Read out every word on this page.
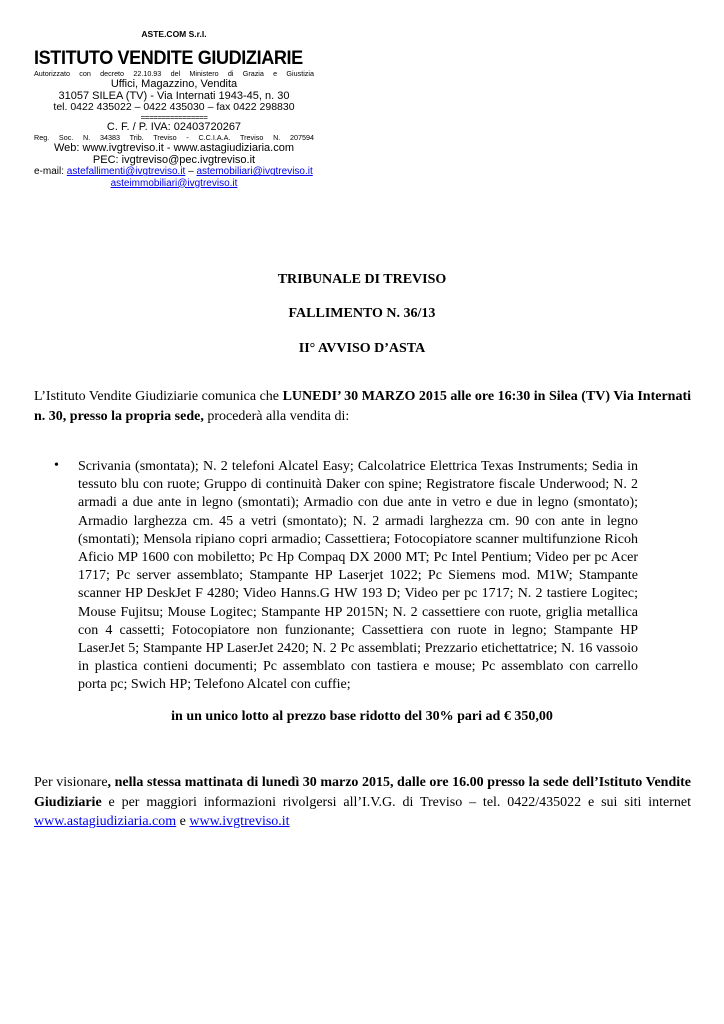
ASTE.COM S.r.l.
ISTITUTO VENDITE GIUDIZIARIE
Autorizzato con decreto 22.10.93 del Ministero di Grazia e Giustizia
Uffici, Magazzino, Vendita
31057 SILEA (TV) - Via Internati 1943-45, n. 30
tel. 0422 435022 – 0422 435030 – fax 0422 298830
================
C. F. / P. IVA: 02403720267
Reg. Soc. N. 34383 Trib. Treviso - C.C.I.A.A. Treviso N. 207594
Web: www.ivgtreviso.it - www.astagiudiziaria.com
PEC: ivgtreviso@pec.ivgtreviso.it
e-mail: astefallimenti@ivgtreviso.it – astemobiliari@ivgtreviso.it
asteimmobiliari@ivgtreviso.it
TRIBUNALE DI TREVISO
FALLIMENTO N. 36/13
II° AVVISO D’ASTA
L’Istituto Vendite Giudiziarie comunica che LUNEDI’ 30 MARZO 2015 alle ore 16:30 in Silea (TV) Via Internati n. 30, presso la propria sede, procederà alla vendita di:
• Scrivania (smontata); N. 2 telefoni Alcatel Easy; Calcolatrice Elettrica Texas Instruments; Sedia in tessuto blu con ruote; Gruppo di continuità Daker con spine; Registratore fiscale Underwood; N. 2 armadi a due ante in legno (smontati); Armadio con due ante in vetro e due in legno (smontato); Armadio larghezza cm. 45 a vetri (smontato); N. 2 armadi larghezza cm. 90 con ante in legno (smontati); Mensola ripiano copri armadio; Cassettiera; Fotocopiatore scanner multifunzione Ricoh Aficio MP 1600 con mobiletto; Pc Hp Compaq DX 2000 MT; Pc Intel Pentium; Video per pc Acer 1717; Pc server assemblato; Stampante HP Laserjet 1022; Pc Siemens mod. M1W; Stampante scanner HP DeskJet F 4280; Video Hanns.G HW 193 D; Video per pc 1717; N. 2 tastiere Logitec; Mouse Fujitsu; Mouse Logitec; Stampante HP 2015N; N. 2 cassettiere con ruote, griglia metallica con 4 cassetti; Fotocopiatore non funzionante; Cassettiera con ruote in legno; Stampante HP LaserJet 5; Stampante HP LaserJet 2420; N. 2 Pc assemblati; Prezzario etichettatrice; N. 16 vassoio in plastica contieni documenti; Pc assemblato con tastiera e mouse; Pc assemblato con carrello porta pc; Swich HP; Telefono Alcatel con cuffie;
in un unico lotto al prezzo base ridotto del 30% pari ad € 350,00
Per visionare, nella stessa mattinata di lunedì 30 marzo 2015, dalle ore 16.00 presso la sede dell’Istituto Vendite Giudiziarie e per maggiori informazioni rivolgersi all’I.V.G. di Treviso – tel. 0422/435022 e sui siti internet www.astagiudiziaria.com e www.ivgtreviso.it
